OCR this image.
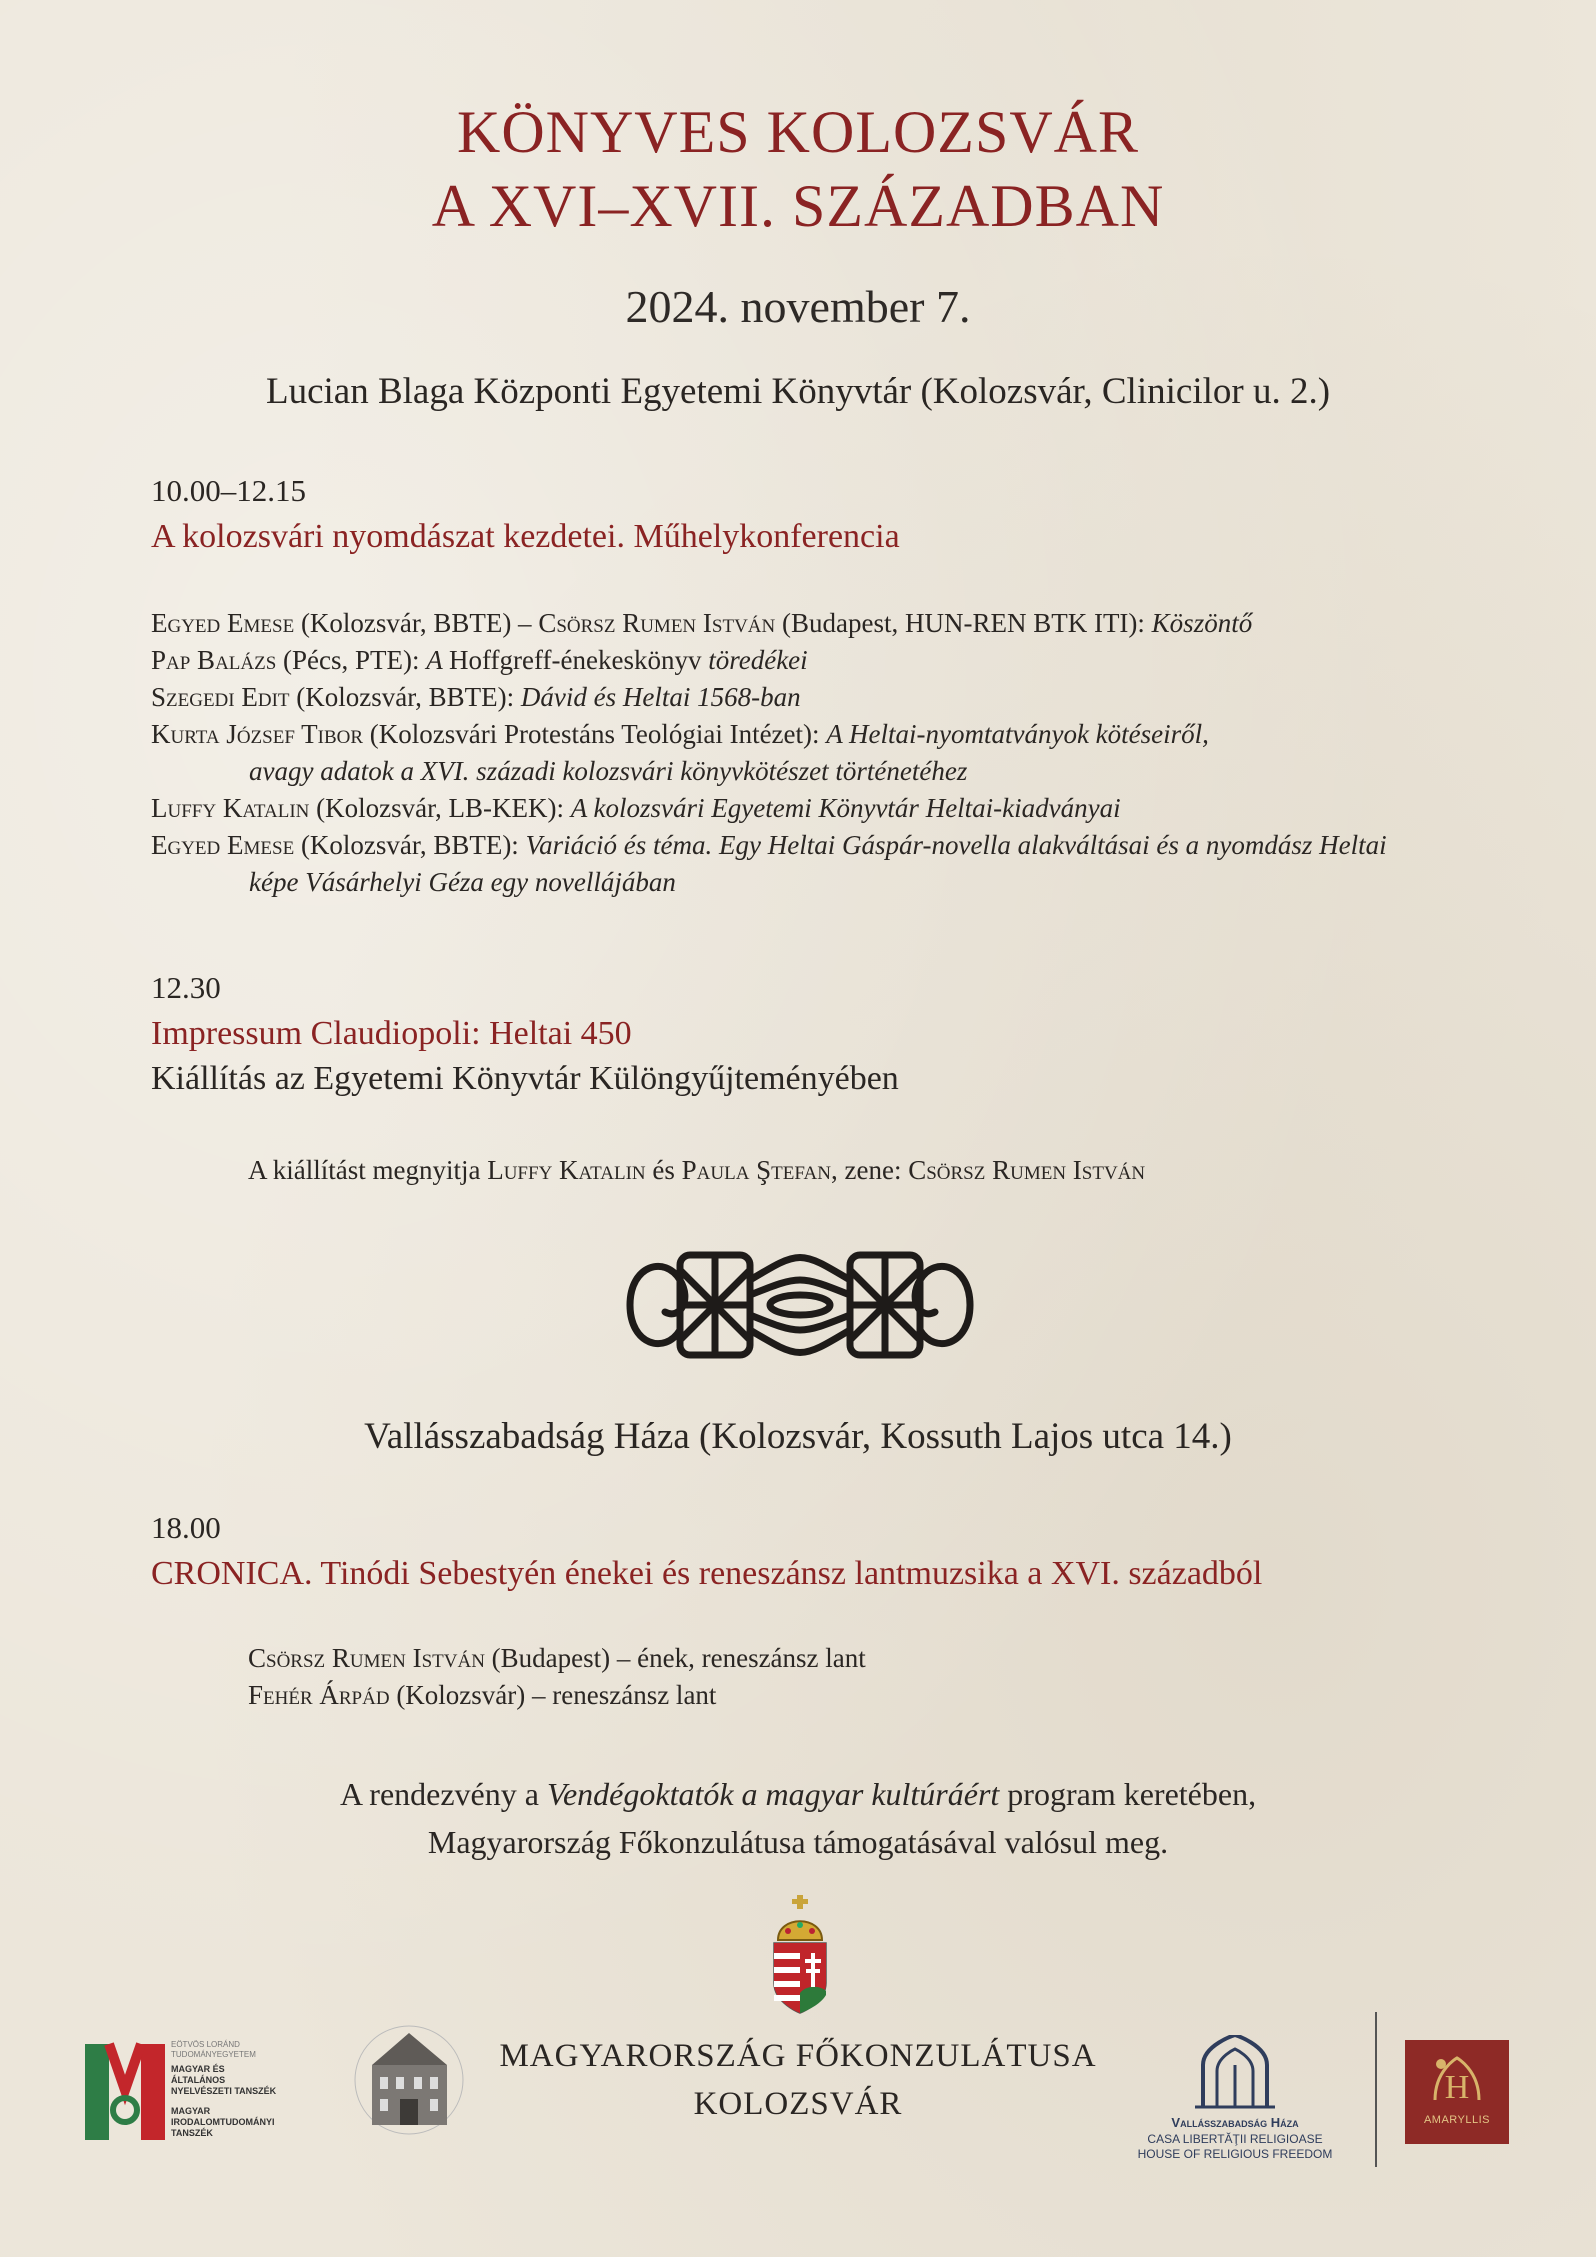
KÖNYVES KOLOZSVÁR
A XVI–XVII. SZÁZADBAN
2024. november 7.
Lucian Blaga Központi Egyetemi Könyvtár (Kolozsvár, Clinicilor u. 2.)
10.00–12.15
A kolozsvári nyomdászat kezdetei. Műhelykonferencia
Egyed Emese (Kolozsvár, BBTE) – Csörsz Rumen István (Budapest, HUN-REN BTK ITI): Köszöntő
Pap Balázs (Pécs, PTE): A Hoffgreff-énekeskönyv töredékei
Szegedi Edit (Kolozsvár, BBTE): Dávid és Heltai 1568-ban
Kurta József Tibor (Kolozsvári Protestáns Teológiai Intézet): A Heltai-nyomtatványok kötéseiről,
avagy adatok a XVI. századi kolozsvári könyvkötészet történetéhez
Luffy Katalin (Kolozsvár, LB-KEK): A kolozsvári Egyetemi Könyvtár Heltai-kiadványai
Egyed Emese (Kolozsvár, BBTE): Variáció és téma. Egy Heltai Gáspár-novella alakváltásai és a nyomdász Heltai
képe Vásárhelyi Géza egy novellájában
12.30
Impressum Claudiopoli: Heltai 450
Kiállítás az Egyetemi Könyvtár Különgyűjteményében
A kiállítást megnyitja Luffy Katalin és Paula Ştefan, zene: Csörsz Rumen István
Vallásszabadság Háza (Kolozsvár, Kossuth Lajos utca 14.)
18.00
CRONICA. Tinódi Sebestyén énekei és reneszánsz lantmuzsika a XVI. századból
Csörsz Rumen István (Budapest) – ének, reneszánsz lant
Fehér Árpád (Kolozsvár) – reneszánsz lant
A rendezvény a Vendégoktatók a magyar kultúráért program keretében,
Magyarország Főkonzulátusa támogatásával valósul meg.
MAGYARORSZÁG FŐKONZULÁTUSA
KOLOZSVÁR
EÖTVÖS LORÁND TUDOMÁNYEGYETEM
MAGYAR ÉS ÁLTALÁNOS NYELVÉSZETI TANSZÉK
MAGYAR IRODALOMTUDOMÁNYI TANSZÉK
Vallásszabadság Háza
CASA LIBERTĂŢII RELIGIOASE
HOUSE OF RELIGIOUS FREEDOM
H
AMARYLLIS
